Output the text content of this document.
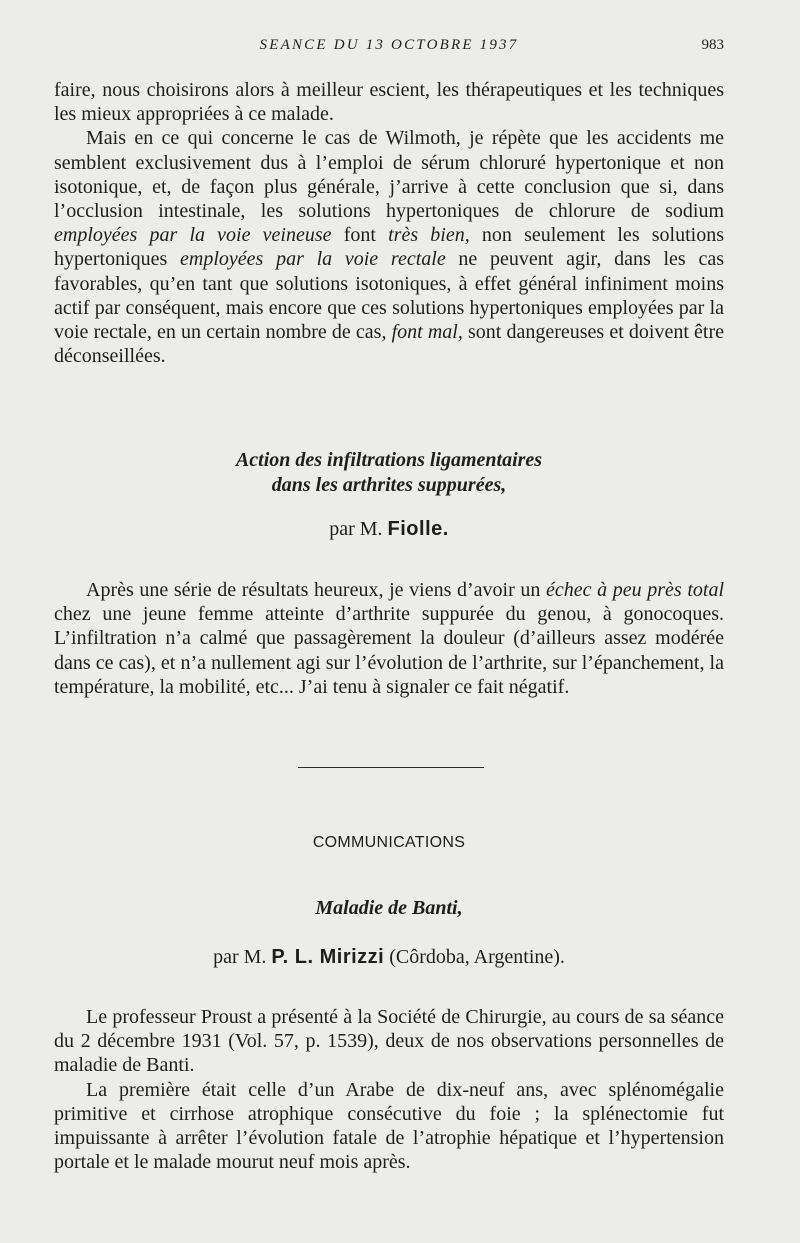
SEANCE DU 13 OCTOBRE 1937	983

faire, nous choisirons alors à meilleur escient, les thérapeutiques et les techniques les mieux appropriées à ce malade.

Mais en ce qui concerne le cas de Wilmoth, je répète que les accidents me semblent exclusivement dus à l’emploi de sérum chloruré hypertonique et non isotonique, et, de façon plus générale, j’arrive à cette conclusion que si, dans l’occlusion intestinale, les solutions hypertoniques de chlorure de sodium employées par la voie veineuse font très bien, non seulement les solutions hypertoniques employées par la voie rectale ne peuvent agir, dans les cas favorables, qu’en tant que solutions isotoniques, à effet général infiniment moins actif par conséquent, mais encore que ces solutions hypertoniques employées par la voie rectale, en un certain nombre de cas, font mal, sont dangereuses et doivent être déconseillées.

Action des infiltrations ligamentaires
dans les arthrites suppurées,
par M. Fiolle.

Après une série de résultats heureux, je viens d’avoir un échec à peu près total chez une jeune femme atteinte d’arthrite suppurée du genou, à gonocoques. L’infiltration n’a calmé que passagèrement la douleur (d’ailleurs assez modérée dans ce cas), et n’a nullement agi sur l’évolution de l’arthrite, sur l’épanchement, la température, la mobilité, etc... J’ai tenu à signaler ce fait négatif.

COMMUNICATIONS
Maladie de Banti,
par M. P. L. Mirizzi (Côrdoba, Argentine).

Le professeur Proust a présenté à la Société de Chirurgie, au cours de sa séance du 2 décembre 1931 (Vol. 57, p. 1539), deux de nos observations personnelles de maladie de Banti.

La première était celle d’un Arabe de dix-neuf ans, avec splénomégalie primitive et cirrhose atrophique consécutive du foie ; la splénectomie fut impuissante à arrêter l’évolution fatale de l’atrophie hépatique et l’hypertension portale et le malade mourut neuf mois après.
